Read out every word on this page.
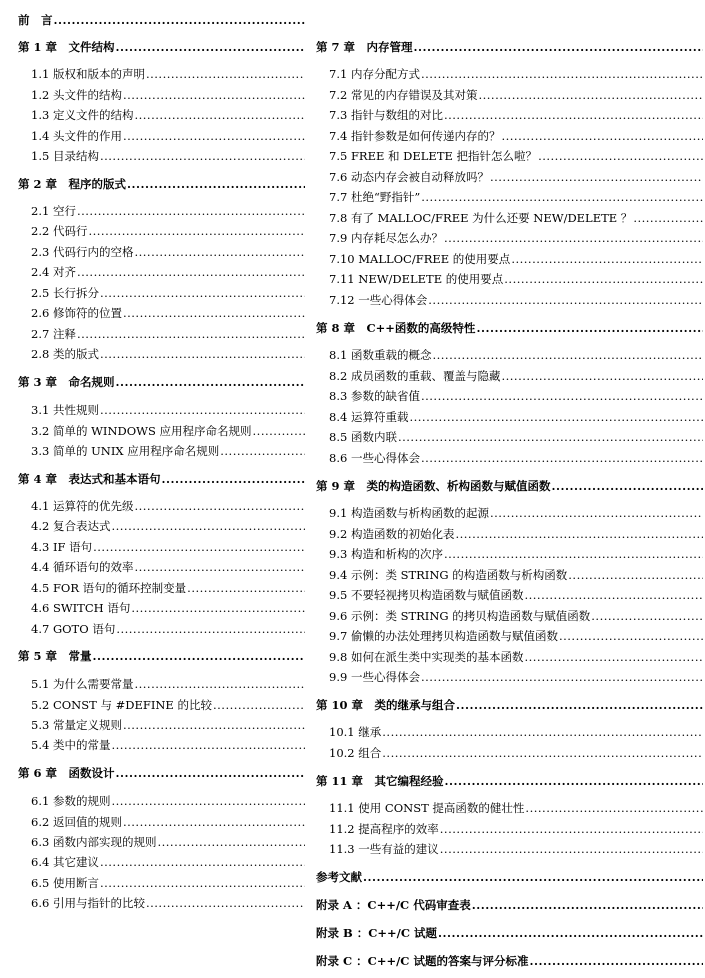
前　言
.....
第 1 章　文件结构
.....
1.1 版权和版本的声明
.....
1.2 头文件的结构
.....
1.3 定义文件的结构
.....
1.4 头文件的作用
.....
1.5 目录结构
.....
第 2 章　程序的版式
.....
2.1 空行
.....
2.2 代码行
.....
2.3 代码行内的空格
.....
2.4 对齐
.....
2.5 长行拆分
.....
2.6 修饰符的位置
.....
2.7 注释
.....
2.8 类的版式
.....
第 3 章　命名规则
.....
3.1 共性规则
.....
3.2 简单的 WINDOWS 应用程序命名规则
.....
3.3 简单的 UNIX 应用程序命名规则
.....
第 4 章　表达式和基本语句
.....
4.1 运算符的优先级
.....
4.2 复合表达式
.....
4.3 IF 语句
.....
4.4 循环语句的效率
.....
4.5 FOR 语句的循环控制变量
.....
4.6 SWITCH 语句
.....
4.7 GOTO 语句
.....
第 5 章　常量
.....
5.1 为什么需要常量
.....
5.2 CONST 与 #DEFINE 的比较
.....
5.3 常量定义规则
.....
5.4 类中的常量
.....
第 6 章　函数设计
.....
6.1 参数的规则
.....
6.2 返回值的规则
.....
6.3 函数内部实现的规则
.....
6.4 其它建议
.....
6.5 使用断言
.....
6.6 引用与指针的比较
.....
第 7 章　内存管理
.....
7.1 内存分配方式
.....
7.2 常见的内存错误及其对策
.....
7.3 指针与数组的对比
.....
7.4 指针参数是如何传递内存的？
.....
7.5 FREE 和 DELETE 把指针怎么啦？
.....
7.6 动态内存会被自动释放吗？
.....
7.7 杜绝“野指针”
.....
7.8 有了 MALLOC/FREE 为什么还要 NEW/DELETE ？
.....
7.9 内存耗尽怎么办？
.....
7.10 MALLOC/FREE 的使用要点
.....
7.11 NEW/DELETE 的使用要点
.....
7.12 一些心得体会
.....
第 8 章　C++函数的高级特性
.....
8.1 函数重载的概念
.....
8.2 成员函数的重载、覆盖与隐藏
.....
8.3 参数的缺省值
.....
8.4 运算符重载
.....
8.5 函数内联
.....
8.6 一些心得体会
.....
第 9 章　类的构造函数、析构函数与赋值函数
.....
9.1 构造函数与析构函数的起源
.....
9.2 构造函数的初始化表
.....
9.3 构造和析构的次序
.....
9.4 示例：类 STRING 的构造函数与析构函数
.....
9.5 不要轻视拷贝构造函数与赋值函数
.....
9.6 示例：类 STRING 的拷贝构造函数与赋值函数
.....
9.7 偷懒的办法处理拷贝构造函数与赋值函数
.....
9.8 如何在派生类中实现类的基本函数
.....
9.9 一些心得体会
.....
第 10 章　类的继承与组合
.....
10.1 继承
.....
10.2 组合
.....
第 11 章　其它编程经验
.....
11.1 使用 CONST 提高函数的健壮性
.....
11.2 提高程序的效率
.....
11.3 一些有益的建议
.....
参考文献
.....
附录 A ：C++/C 代码审查表
.....
附录 B ：C++/C 试题
.....
附录 C ：C++/C 试题的答案与评分标准
.....
